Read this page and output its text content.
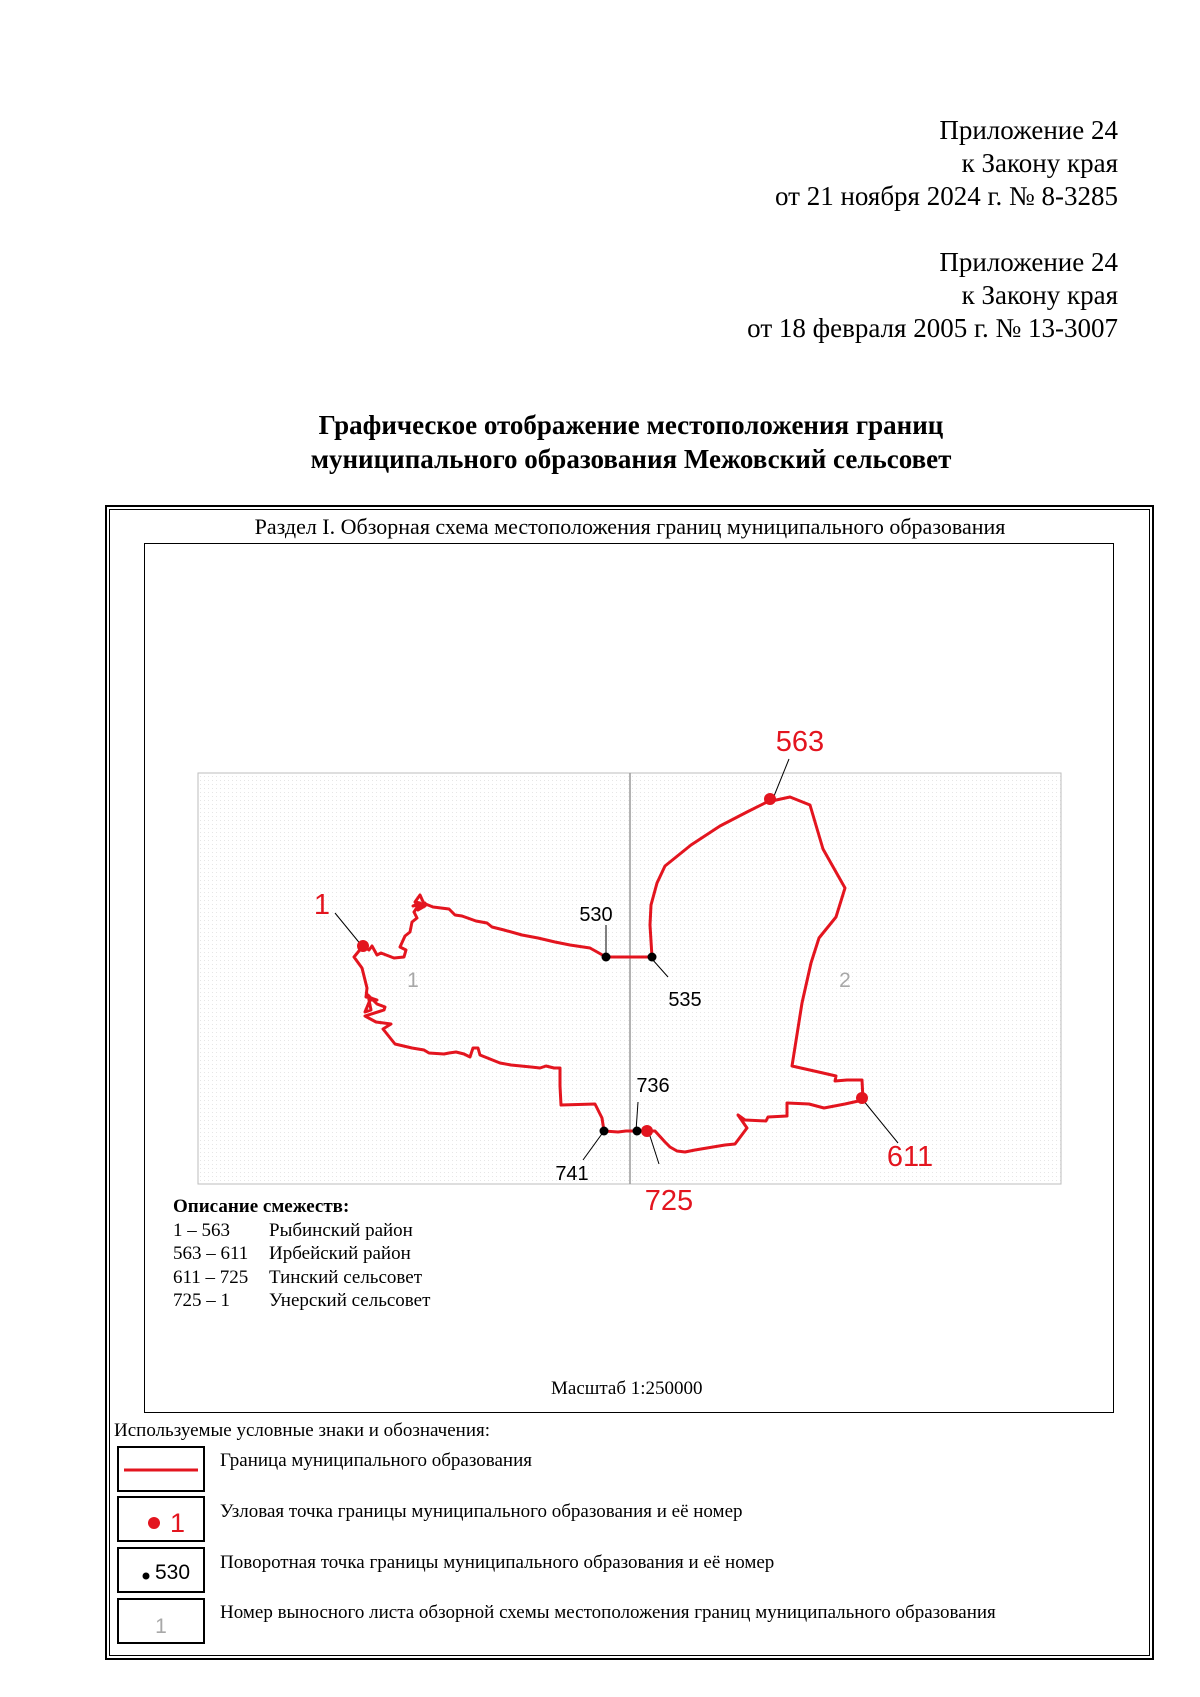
Приложение 24
к Закону края
от 21 ноября 2024 г. № 8-3285
Приложение 24
к Закону края
от 18 февраля 2005 г. № 13-3007
Графическое отображение местоположения границ
муниципального образования Межовский сельсовет
Раздел I. Обзорная схема местоположения границ муниципального образования
1	2
1
563
611
725
530
535
736
741
Описание смежеств:
1 – 563 Рыбинский район
563 – 611 Ирбейский район
611 – 725 Тинский сельсовет
725 – 1 Унерский сельсовет
Масштаб 1:250000
Используемые условные знаки и обозначения:
Граница муниципального образования
1 Узловая точка границы муниципального образования и её номер
530 Поворотная точка границы муниципального образования и её номер
1
Номер выносного листа обзорной схемы местоположения границ муниципального образования
